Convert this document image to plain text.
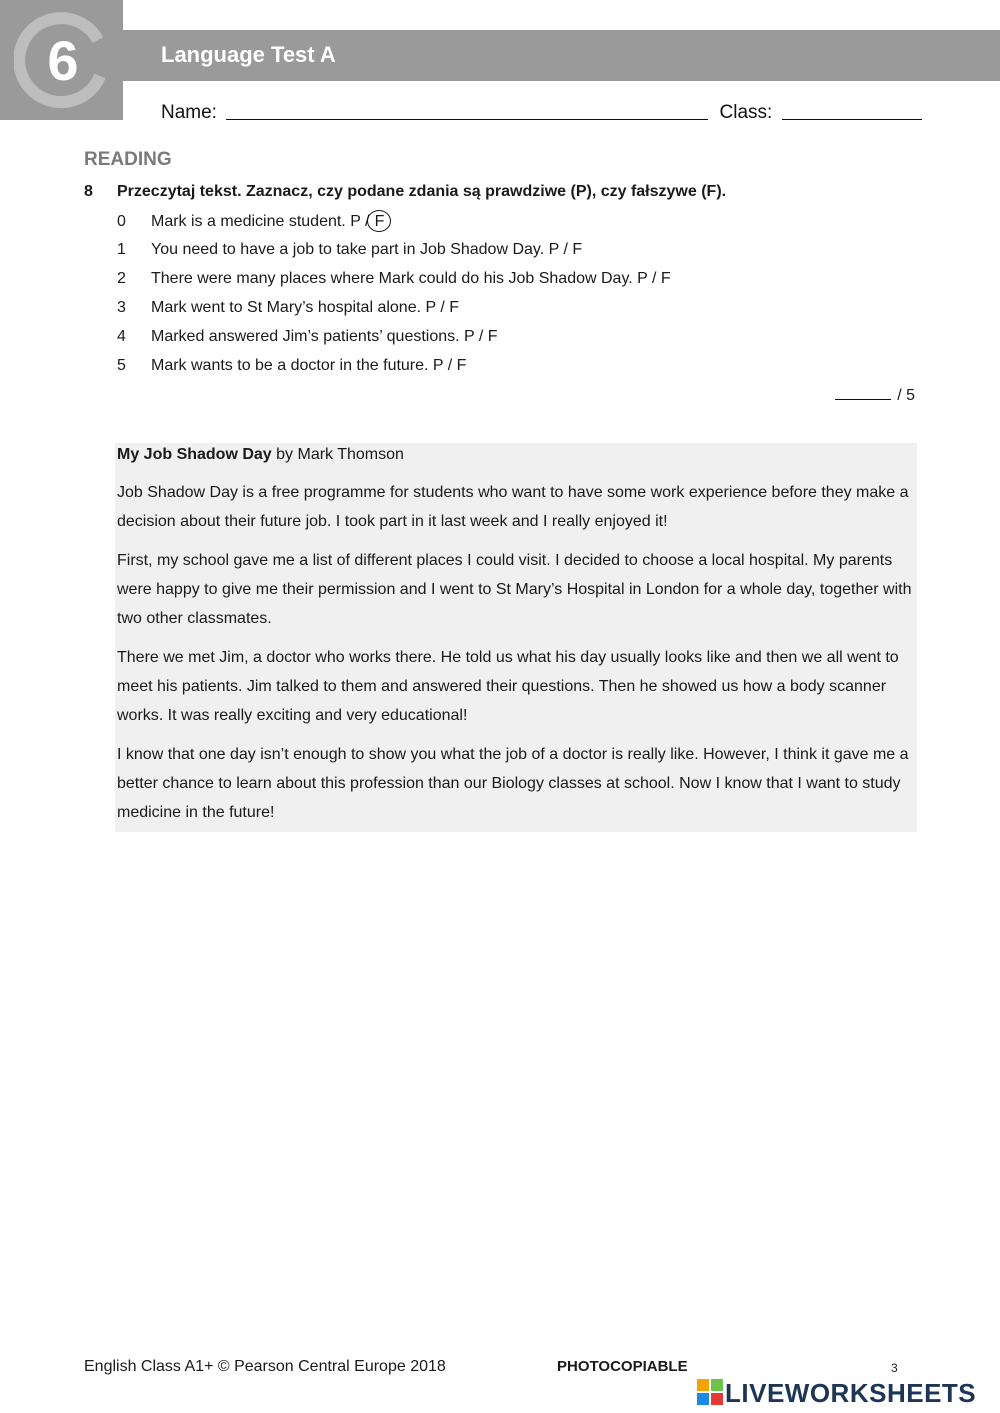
6	Language Test A
Name:	Class:
READING
8 Przeczytaj tekst. Zaznacz, czy podane zdania są prawdziwe (P), czy fałszywe (F).
0 Mark is a medicine student. P / F
1 You need to have a job to take part in Job Shadow Day. P / F
2 There were many places where Mark could do his Job Shadow Day. P / F
3 Mark went to St Mary’s hospital alone. P / F
4 Marked answered Jim’s patients’ questions. P / F
5 Mark wants to be a doctor in the future. P / F
/ 5
My Job Shadow Day by Mark Thomson

Job Shadow Day is a free programme for students who want to have some work experience before they make a decision about their future job. I took part in it last week and I really enjoyed it!

First, my school gave me a list of different places I could visit. I decided to choose a local hospital. My parents were happy to give me their permission and I went to St Mary’s Hospital in London for a whole day, together with two other classmates.

There we met Jim, a doctor who works there. He told us what his day usually looks like and then we all went to meet his patients. Jim talked to them and answered their questions. Then he showed us how a body scanner works. It was really exciting and very educational!

I know that one day isn’t enough to show you what the job of a doctor is really like. However, I think it gave me a better chance to learn about this profession than our Biology classes at school. Now I know that I want to study medicine in the future!

English Class A1+ © Pearson Central Europe 2018	PHOTOCOPIABLE	3
LIVEWORKSHEETS
